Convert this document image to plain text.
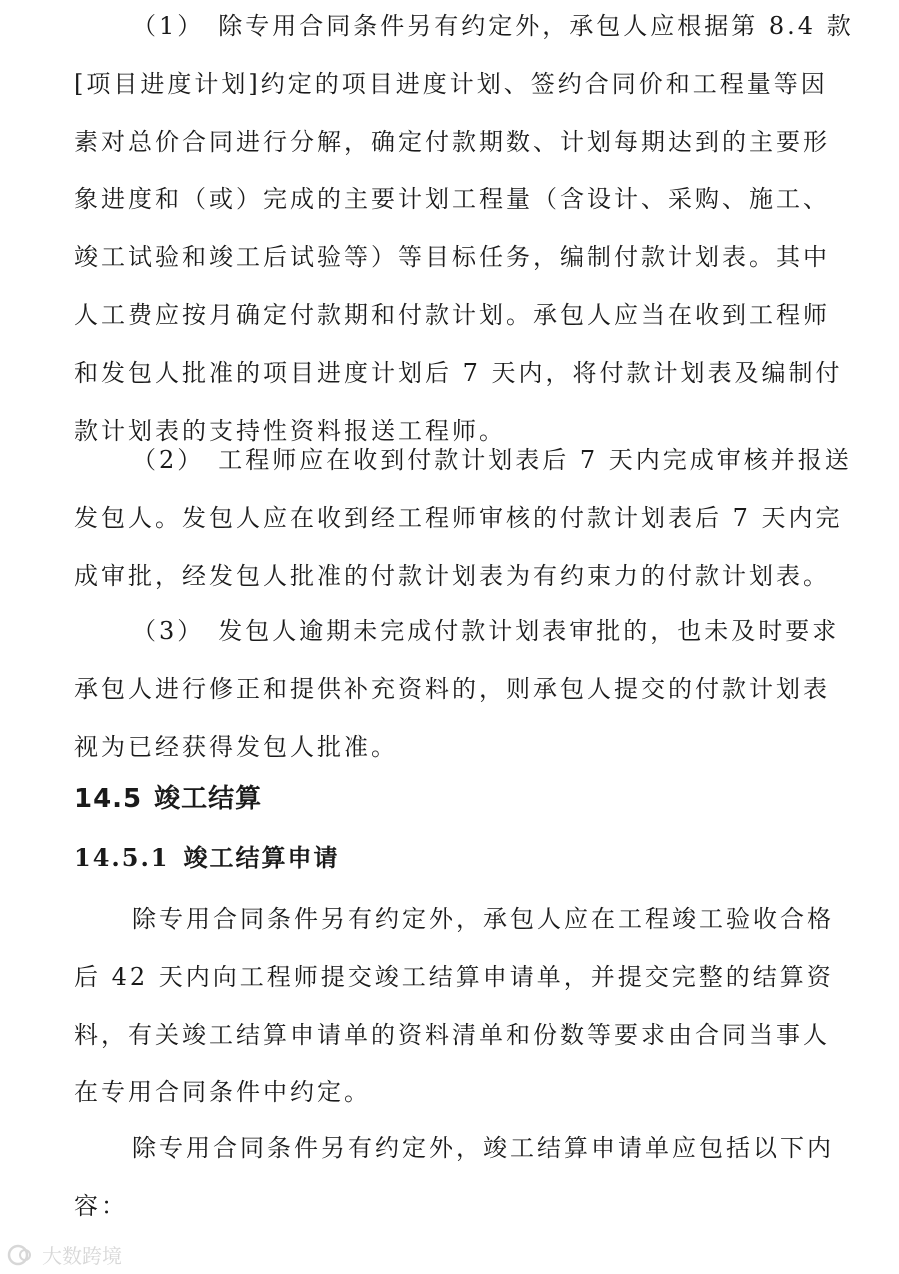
（1） 除专用合同条件另有约定外，承包人应根据第 8.4 款
[项目进度计划]约定的项目进度计划、签约合同价和工程量等因
素对总价合同进行分解，确定付款期数、计划每期达到的主要形
象进度和（或）完成的主要计划工程量（含设计、采购、施工、
竣工试验和竣工后试验等）等目标任务，编制付款计划表。其中
人工费应按月确定付款期和付款计划。承包人应当在收到工程师
和发包人批准的项目进度计划后 7 天内，将付款计划表及编制付
款计划表的支持性资料报送工程师。
（2） 工程师应在收到付款计划表后 7 天内完成审核并报送
发包人。发包人应在收到经工程师审核的付款计划表后 7 天内完
成审批，经发包人批准的付款计划表为有约束力的付款计划表。
（3） 发包人逾期未完成付款计划表审批的，也未及时要求
承包人进行修正和提供补充资料的，则承包人提交的付款计划表
视为已经获得发包人批准。
14.5 竣工结算
14.5.1 竣工结算申请
除专用合同条件另有约定外，承包人应在工程竣工验收合格
后 42 天内向工程师提交竣工结算申请单，并提交完整的结算资
料，有关竣工结算申请单的资料清单和份数等要求由合同当事人
在专用合同条件中约定。
除专用合同条件另有约定外，竣工结算申请单应包括以下内
容：
大数跨境
